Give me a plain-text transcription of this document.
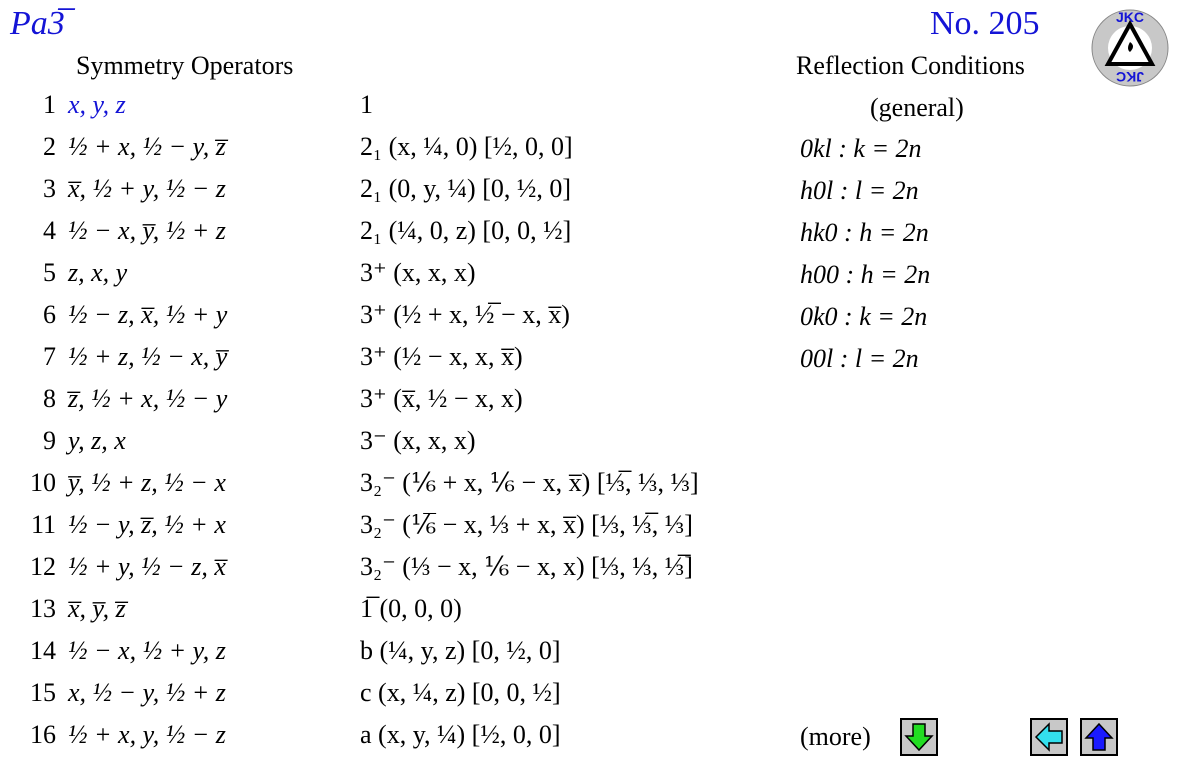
Pa3̅	No. 205	JKC
JKC
Symmetry Operators	Reflection Conditions
(general)
1 x, y, z	1
2 ½ + x, ½ − y, z̅	2₁ (x, ¼, 0) [½, 0, 0]
3 x̅, ½ + y, ½ − z	2₁ (0, y, ¼) [0, ½, 0]
4 ½ − x, y̅, ½ + z	2₁ (¼, 0, z) [0, 0, ½]
5 z, x, y	3⁺ (x, x, x)
6 ½ − z, x̅, ½ + y	3⁺ (½ + x, ½̅ − x, x̅)
7 ½ + z, ½ − x, y̅	3⁺ (½ − x, x, x̅)
8 z̅, ½ + x, ½ − y	3⁺ (x̅, ½ − x, x)
9 y, z, x	3⁻ (x, x, x)
10 y̅, ½ + z, ½ − x	3₂⁻ (⅙ + x, ⅙ − x, x̅) [⅓̅, ⅓, ⅓]
11 ½ − y, z̅, ½ + x	3₂⁻ (⅙̅ − x, ⅓ + x, x̅) [⅓, ⅓̅, ⅓]
12 ½ + y, ½ − z, x̅	3₂⁻ (⅓ − x, ⅙ − x, x) [⅓, ⅓, ⅓̅]
13 x̅, y̅, z̅	1̅ (0, 0, 0)
14 ½ − x, ½ + y, z	b (¼, y, z) [0, ½, 0]
15 x, ½ − y, ½ + z	c (x, ¼, z) [0, 0, ½]
16 ½ + x, y, ½ − z	a (x, y, ¼) [½, 0, 0]
0kl : k = 2n
h0l : l = 2n
hk0 : h = 2n
h00 : h = 2n
0k0 : k = 2n
00l : l = 2n
(more)
